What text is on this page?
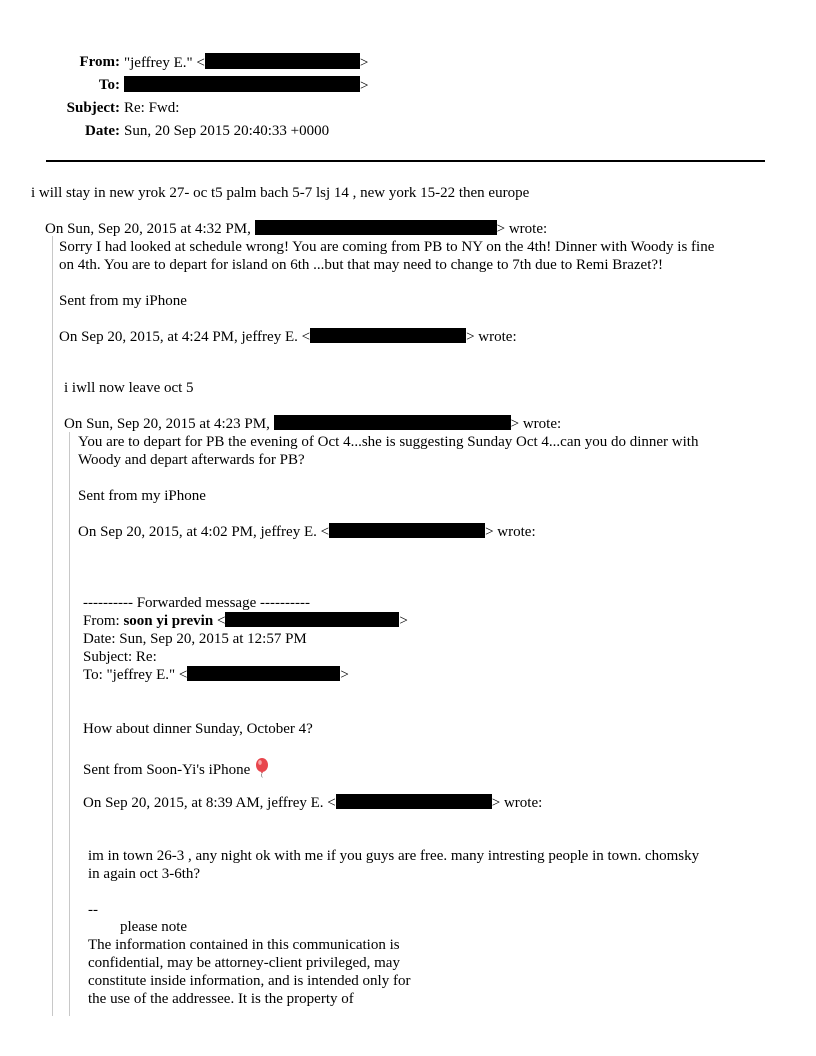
From: "jeffrey E." <	>
To:	>
Subject: Re: Fwd:
Date: Sun, 20 Sep 2015 20:40:33 +0000
i will stay in new yrok 27- oc t5 palm bach 5-7 lsj 14 , new york 15-22 then europe
On Sun, Sep 20, 2015 at 4:32 PM,	> wrote:
Sorry I had looked at schedule wrong! You are coming from PB to NY on the 4th! Dinner with Woody is fine
on 4th. You are to depart for island on 6th ...but that may need to change to 7th due to Remi Brazet?!
Sent from my iPhone
On Sep 20, 2015, at 4:24 PM, jeffrey E. <	> wrote:
i iwll now leave oct 5
On Sun, Sep 20, 2015 at 4:23 PM,	> wrote:
You are to depart for PB the evening of Oct 4...she is suggesting Sunday Oct 4...can you do dinner with
Woody and depart afterwards for PB?
Sent from my iPhone
On Sep 20, 2015, at 4:02 PM, jeffrey E. <	> wrote:
---------- Forwarded message ----------
From: soon yi previn <	>
Date: Sun, Sep 20, 2015 at 12:57 PM
Subject: Re:
To: "jeffrey E." <	>
How about dinner Sunday, October 4?
Sent from Soon-Yi's iPhone
On Sep 20, 2015, at 8:39 AM, jeffrey E. <	> wrote:
im in town 26-3 , any night ok with me if you guys are free. many intresting people in town. chomsky
in again oct 3-6th?
--
please note
The information contained in this communication is
confidential, may be attorney-client privileged, may
constitute inside information, and is intended only for
the use of the addressee. It is the property of
